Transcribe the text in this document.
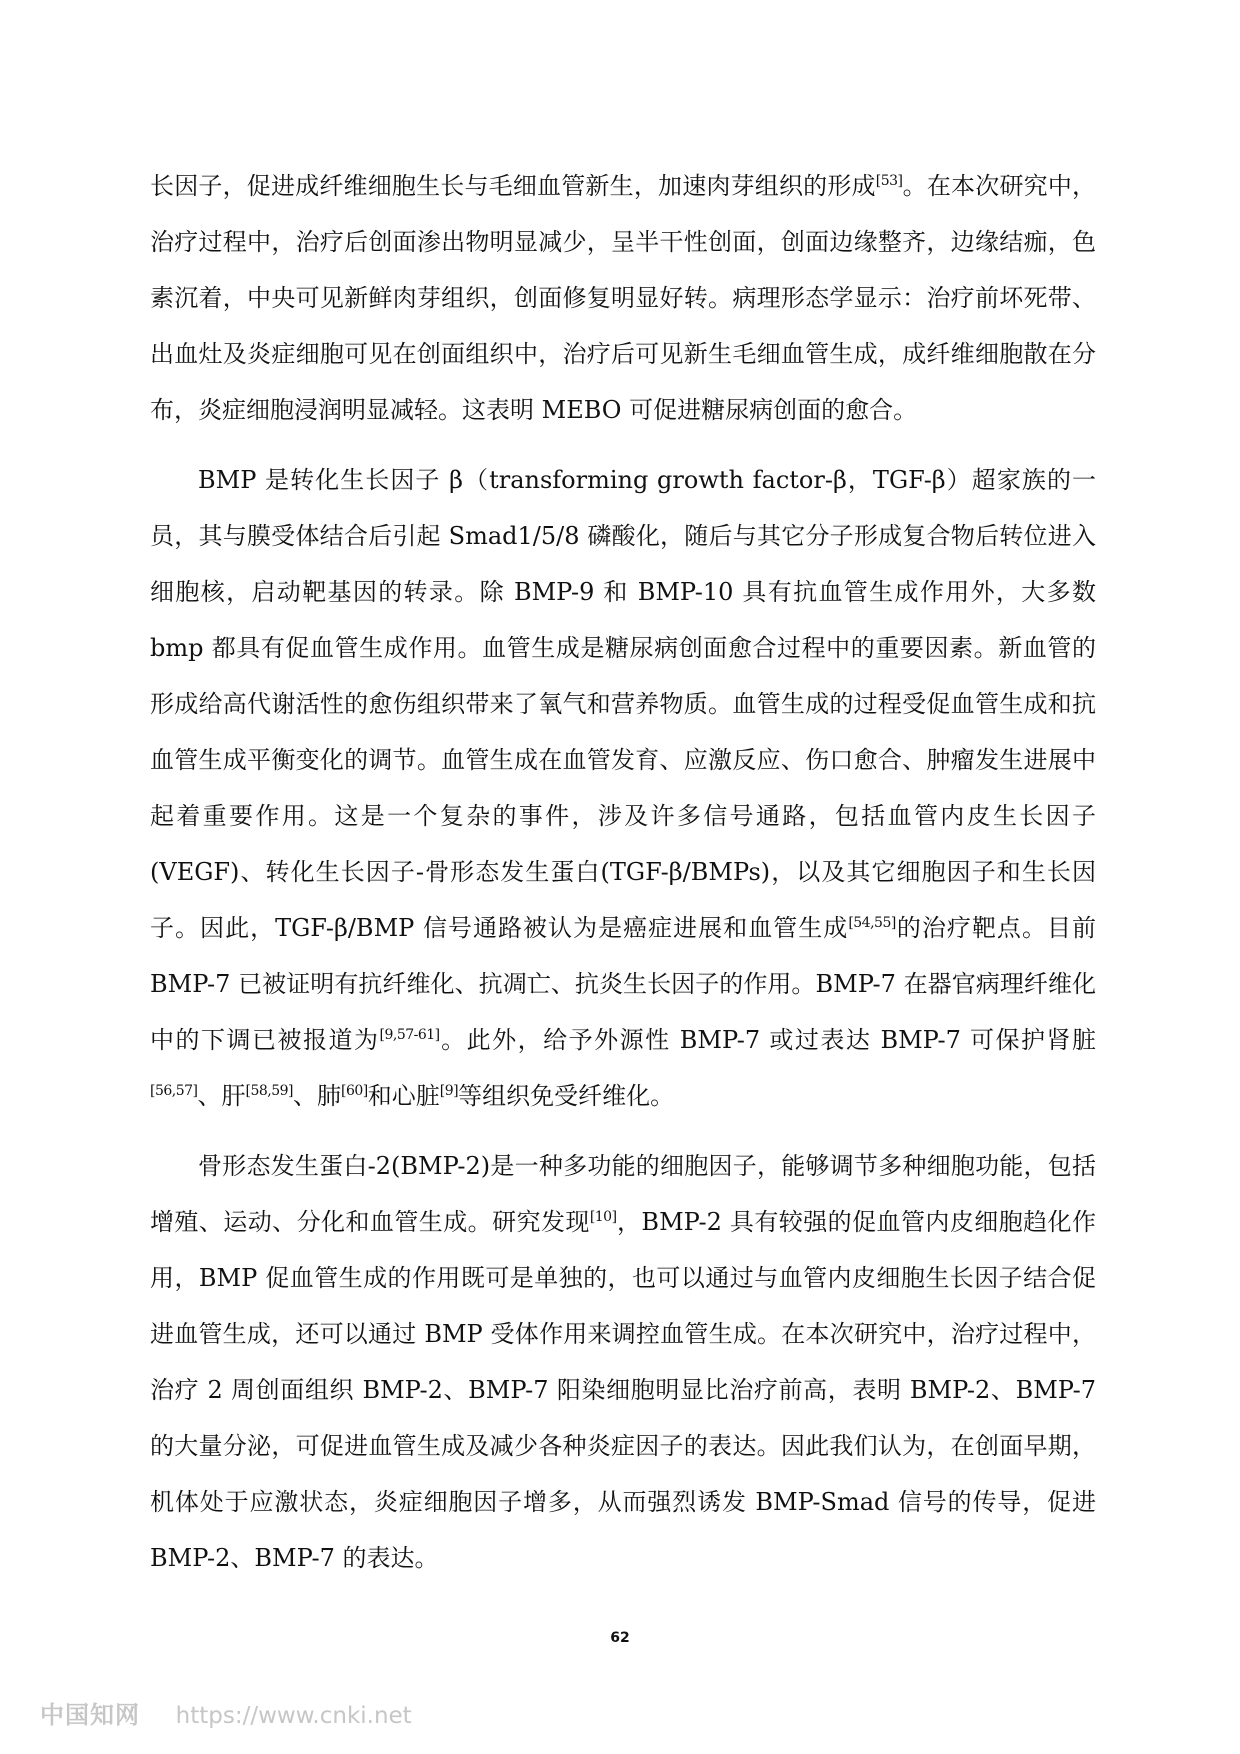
长因子，促进成纤维细胞生长与毛细血管新生，加速肉芽组织的形成[53]。在本次研究中，治疗过程中，治疗后创面渗出物明显减少，呈半干性创面，创面边缘整齐，边缘结痂，色素沉着，中央可见新鲜肉芽组织，创面修复明显好转。病理形态学显示：治疗前坏死带、出血灶及炎症细胞可见在创面组织中，治疗后可见新生毛细血管生成，成纤维细胞散在分布，炎症细胞浸润明显减轻。这表明 MEBO 可促进糖尿病创面的愈合。

BMP 是转化生长因子 β（transforming growth factor-β，TGF-β）超家族的一员，其与膜受体结合后引起 Smad1/5/8 磷酸化，随后与其它分子形成复合物后转位进入细胞核，启动靶基因的转录。除 BMP-9 和 BMP-10 具有抗血管生成作用外，大多数 bmp 都具有促血管生成作用。血管生成是糖尿病创面愈合过程中的重要因素。新血管的形成给高代谢活性的愈伤组织带来了氧气和营养物质。血管生成的过程受促血管生成和抗血管生成平衡变化的调节。血管生成在血管发育、应激反应、伤口愈合、肿瘤发生进展中起着重要作用。这是一个复杂的事件，涉及许多信号通路，包括血管内皮生长因子(VEGF)、转化生长因子-骨形态发生蛋白(TGF-β/BMPs)，以及其它细胞因子和生长因子。因此，TGF-β/BMP 信号通路被认为是癌症进展和血管生成[54,55]的治疗靶点。目前 BMP-7 已被证明有抗纤维化、抗凋亡、抗炎生长因子的作用。BMP-7 在器官病理纤维化中的下调已被报道为[9,57-61]。此外，给予外源性 BMP-7 或过表达 BMP-7 可保护肾脏[56,57]、肝[58,59]、肺[60]和心脏[9]等组织免受纤维化。

骨形态发生蛋白-2(BMP-2)是一种多功能的细胞因子，能够调节多种细胞功能，包括增殖、运动、分化和血管生成。研究发现[10]，BMP-2 具有较强的促血管内皮细胞趋化作用，BMP 促血管生成的作用既可是单独的，也可以通过与血管内皮细胞生长因子结合促进血管生成，还可以通过 BMP 受体作用来调控血管生成。在本次研究中，治疗过程中，治疗 2 周创面组织 BMP-2、BMP-7 阳染细胞明显比治疗前高，表明 BMP-2、BMP-7 的大量分泌，可促进血管生成及减少各种炎症因子的表达。因此我们认为，在创面早期，机体处于应激状态，炎症细胞因子增多，从而强烈诱发 BMP-Smad 信号的传导，促进 BMP-2、BMP-7 的表达。

62
中国知网 https://www.cnki.net
